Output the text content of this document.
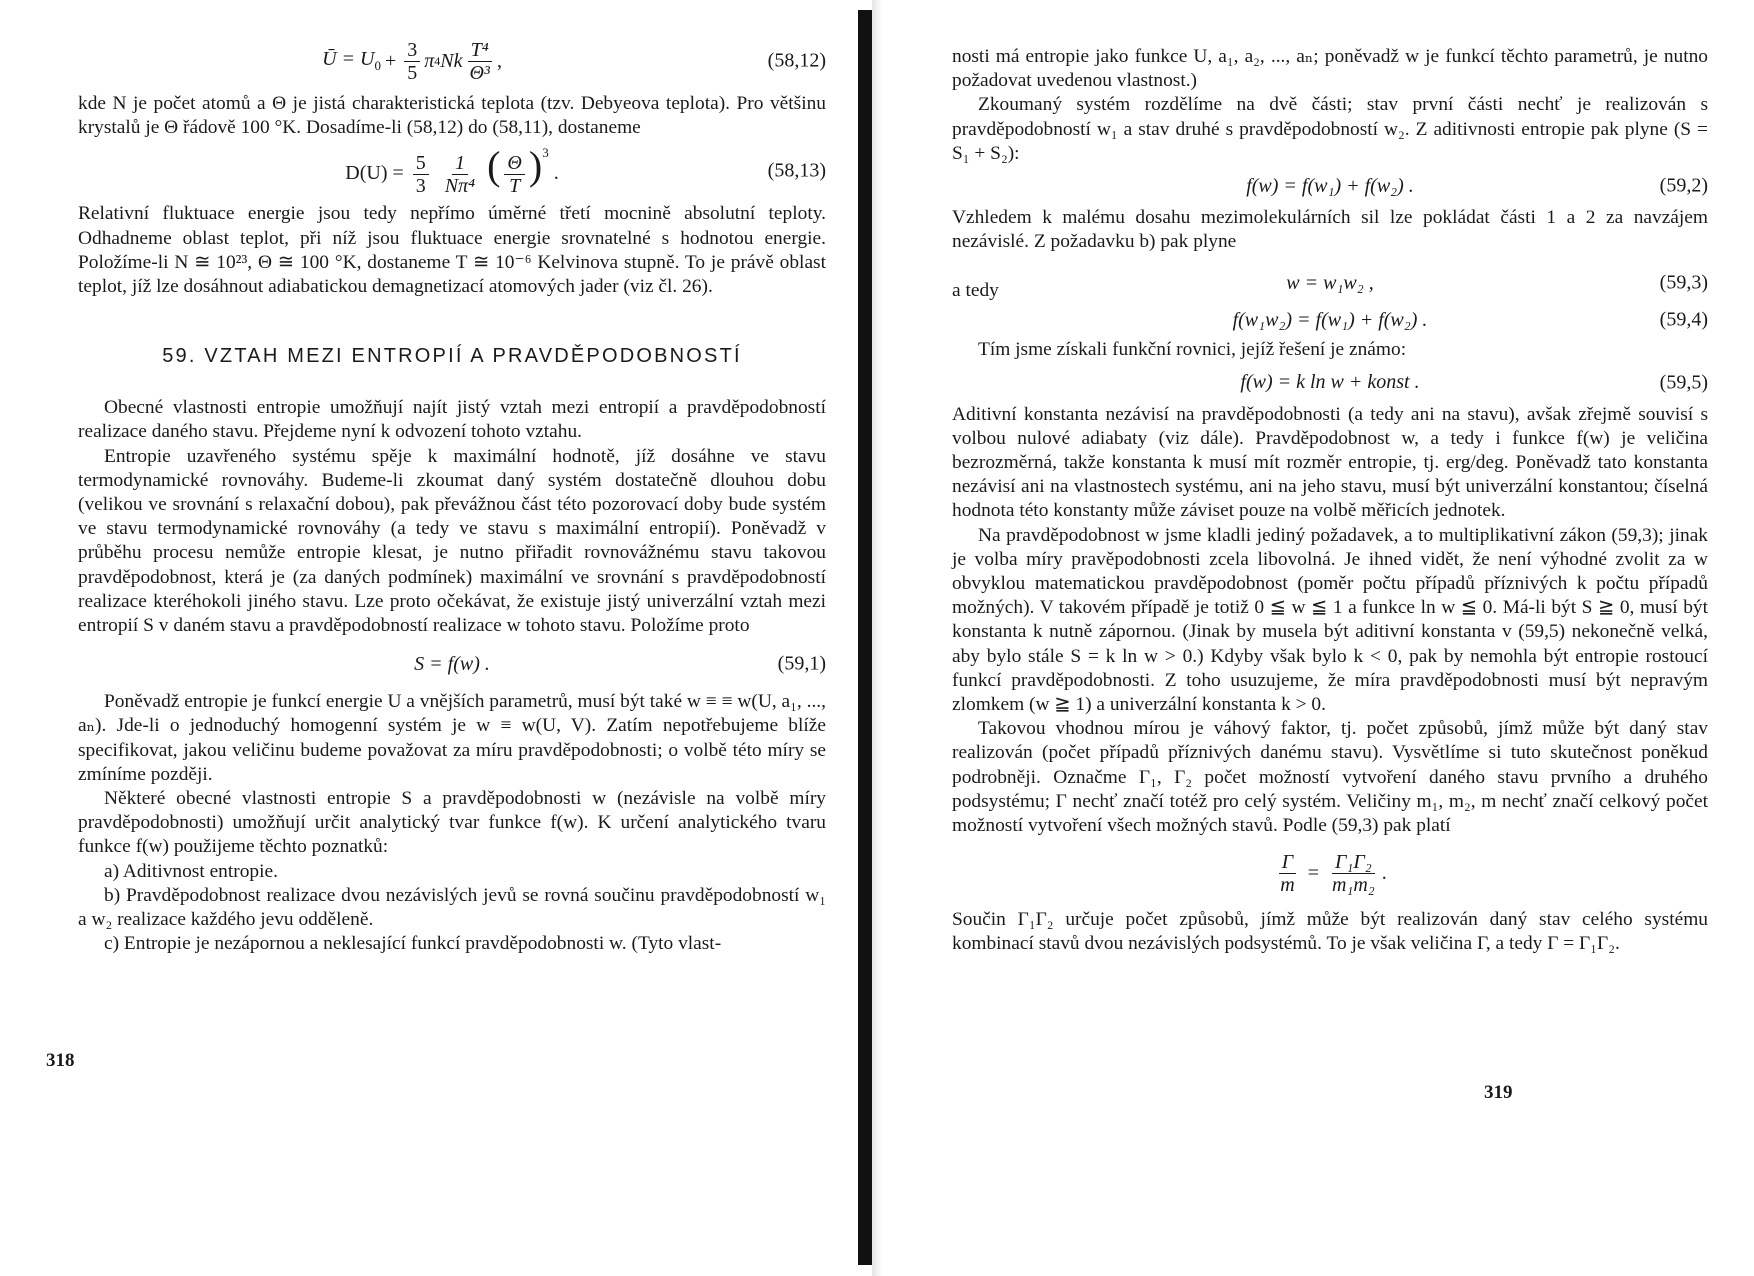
Ū = $U_0 + \frac{3}{5}$ π 4 Nk $\frac{\text{T⁴}}{\text{Θ³}}$ ,	(58,12)

kde N je počet atomů a Θ je jistá charakteristická teplota (tzv. Debyeova teplota). Pro většinu krystalů je Θ řádově 100 °K. Dosadíme-li (58,12) do (58,11), dostaneme

$D(U) = \frac{5}{3}$
$\frac{1}{\text{Nπ⁴}}$ ( $\frac{\Theta}{T} )^3$ .	(58,13)

Relativní fluktuace energie jsou tedy nepřímo úměrné třetí mocnině absolutní teploty. Odhadneme oblast teplot, při níž jsou fluktuace energie srovnatelné s hodnotou energie. Položíme-li N ≅ 10²³, Θ ≅ 100 °K, dostaneme T ≅ 10⁻⁶ Kelvinova stupně. To je právě oblast teplot, jíž lze dosáhnout adiabatickou demagnetizací atomových jader (viz čl. 26).

59. VZTAH MEZI ENTROPIÍ A PRAVDĚPODOBNOSTÍ

Obecné vlastnosti entropie umožňují najít jistý vztah mezi entropií a pravděpodobností realizace daného stavu. Přejdeme nyní k odvození tohoto vztahu.

Entropie uzavřeného systému spěje k maximální hodnotě, jíž dosáhne ve stavu termodynamické rovnováhy. Budeme-li zkoumat daný systém dostatečně dlouhou dobu (velikou ve srovnání s relaxační dobou), pak převážnou část této pozorovací doby bude systém ve stavu termodynamické rovnováhy (a tedy ve stavu s maximální entropií). Poněvadž v průběhu procesu nemůže entropie klesat, je nutno přiřadit rovnovážnému stavu takovou pravděpodobnost, která je (za daných podmínek) maximální ve srovnání s pravděpodobností realizace kteréhokoli jiného stavu. Lze proto očekávat, že existuje jistý univerzální vztah mezi entropií S v daném stavu a pravděpodobností realizace w tohoto stavu. Položíme proto

S = f(w) .	(59,1)

Poněvadž entropie je funkcí energie U a vnějších parametrů, musí být také w ≡ ≡ w(U, a₁, ..., aₙ). Jde-li o jednoduchý homogenní systém je w ≡ w(U, V). Zatím nepotřebujeme blíže specifikovat, jakou veličinu budeme považovat za míru pravděpodobnosti; o volbě této míry se zmíníme později.

Některé obecné vlastnosti entropie S a pravděpodobnosti w (nezávisle na volbě míry pravděpodobnosti) umožňují určit analytický tvar funkce f(w). K určení analytického tvaru funkce f(w) použijeme těchto poznatků:

a) Aditivnost entropie.

b) Pravděpodobnost realizace dvou nezávislých jevů se rovná součinu pravděpodobností w₁ a w₂ realizace každého jevu odděleně.

c) Entropie je nezápornou a neklesající funkcí pravděpodobnosti w. (Tyto vlast-

318

nosti má entropie jako funkce U, a₁, a₂, ..., aₙ; poněvadž w je funkcí těchto parametrů, je nutno požadovat uvedenou vlastnost.)

Zkoumaný systém rozdělíme na dvě části; stav první části nechť je realizován s pravděpodobností w₁ a stav druhé s pravděpodobností w₂. Z aditivnosti entropie pak plyne (S = S₁ + S₂):

f(w) = f(w₁) + f(w₂) .	(59,2)

Vzhledem k malému dosahu mezimolekulárních sil lze pokládat části 1 a 2 za navzájem nezávislé. Z požadavku b) pak plyne

w = w₁w₂ ,	(59,3)
a tedy
f(w₁w₂) = f(w₁) + f(w₂) .	(59,4)

Tím jsme získali funkční rovnici, jejíž řešení je známo:

f(w) = k ln w + konst .	(59,5)

Aditivní konstanta nezávisí na pravděpodobnosti (a tedy ani na stavu), avšak zřejmě souvisí s volbou nulové adiabaty (viz dále). Pravděpodobnost w, a tedy i funkce f(w) je veličina bezrozměrná, takže konstanta k musí mít rozměr entropie, tj. erg/deg. Poněvadž tato konstanta nezávisí ani na vlastnostech systému, ani na jeho stavu, musí být univerzální konstantou; číselná hodnota této konstanty může záviset pouze na volbě měřicích jednotek.

Na pravděpodobnost w jsme kladli jediný požadavek, a to multiplikativní zákon (59,3); jinak je volba míry pravěpodobnosti zcela libovolná. Je ihned vidět, že není výhodné zvolit za w obvyklou matematickou pravděpodobnost (poměr počtu případů příznivých k počtu případů možných). V takovém případě je totiž 0 ≦ w ≦ 1 a funkce ln w ≦ 0. Má-li být S ≧ 0, musí být konstanta k nutně zápornou. (Jinak by musela být aditivní konstanta v (59,5) nekonečně velká, aby bylo stále S = k ln w > 0.) Kdyby však bylo k < 0, pak by nemohla být entropie rostoucí funkcí pravděpodobnosti. Z toho usuzujeme, že míra pravděpodobnosti musí být nepravým zlomkem (w ≧ 1) a univerzální konstanta k > 0.

Takovou vhodnou mírou je váhový faktor, tj. počet způsobů, jímž může být daný stav realizován (počet případů příznivých danému stavu). Vysvětlíme si tuto skutečnost poněkud podrobněji. Označme Γ₁, Γ₂ počet možností vytvoření daného stavu prvního a druhého podsystému; Γ nechť značí totéž pro celý systém. Veličiny m₁, m₂, m nechť značí celkový počet možností vytvoření všech možných stavů. Podle (59,3) pak platí

$\frac{\Gamma}{m} = \frac{\text{Γ₁Γ₂}}{\text{m₁m₂}}$ .

Součin Γ₁Γ₂ určuje počet způsobů, jímž může být realizován daný stav celého systému kombinací stavů dvou nezávislých podsystémů. To je však veličina Γ, a tedy Γ = Γ₁Γ₂.

319
